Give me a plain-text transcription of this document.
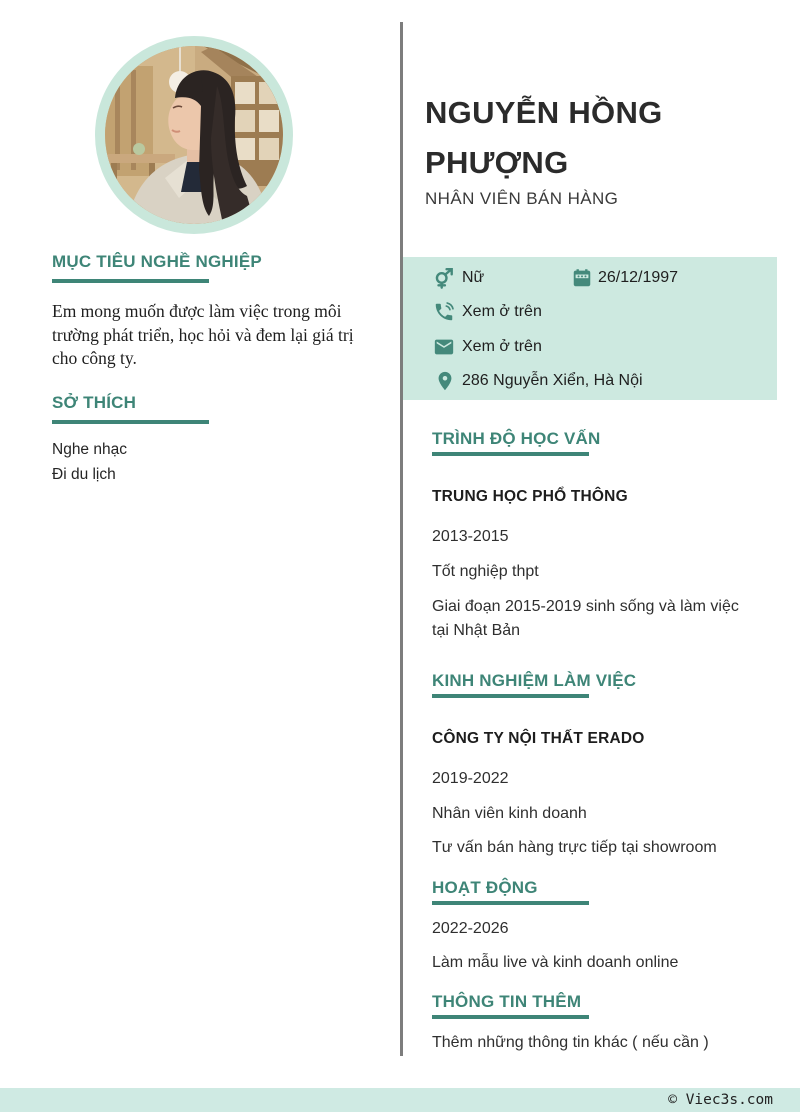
MỤC TIÊU NGHỀ NGHIỆP
Em mong muốn được làm việc trong môi trường phát triển, học hỏi và đem lại giá trị cho công ty.
SỞ THÍCH
Nghe nhạc
Đi du lịch
NGUYỄN HỒNG
PHƯỢNG
NHÂN VIÊN BÁN HÀNG
Nữ	26/12/1997
Xem ở trên
Xem ở trên
286 Nguyễn Xiển, Hà Nội
TRÌNH ĐỘ HỌC VẤN
TRUNG HỌC PHỔ THÔNG
2013-2015
Tốt nghiệp thpt
Giai đoạn 2015-2019 sinh sống và làm việc tại Nhật Bản
KINH NGHIỆM LÀM VIỆC
CÔNG TY NỘI THẤT ERADO
2019-2022
Nhân viên kinh doanh
Tư vấn bán hàng trực tiếp tại showroom
HOẠT ĐỘNG
2022-2026
Làm mẫu live và kinh doanh online
THÔNG TIN THÊM
Thêm những thông tin khác ( nếu cần )
© Viec3s.com
